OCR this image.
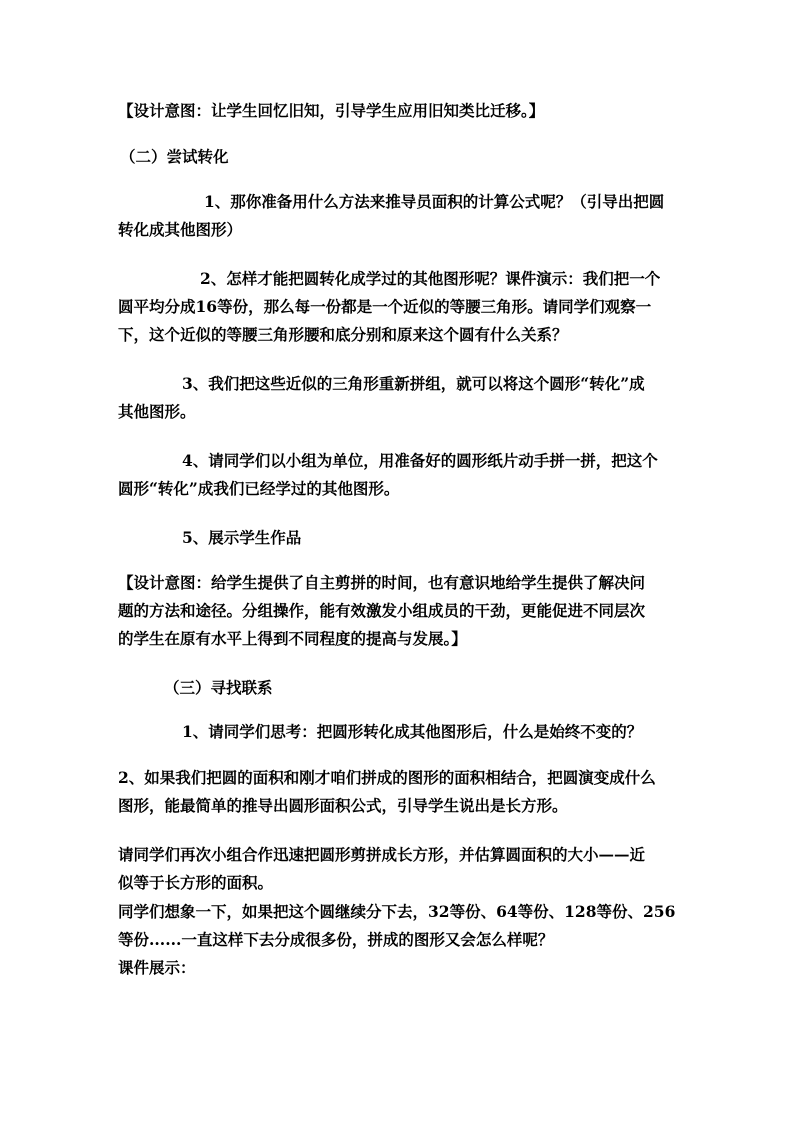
【设计意图：让学生回忆旧知，引导学生应用旧知类比迁移。】

（二）尝试转化

1、那你准备用什么方法来推导员面积的计算公式呢？（引导出把圆
转化成其他图形）

2、怎样才能把圆转化成学过的其他图形呢？课件演示：我们把一个
圆平均分成16等份，那么每一份都是一个近似的等腰三角形。请同学们观察一
下，这个近似的等腰三角形腰和底分别和原来这个圆有什么关系？

3、我们把这些近似的三角形重新拼组，就可以将这个圆形“转化”成
其他图形。

4、请同学们以小组为单位，用准备好的圆形纸片动手拼一拼，把这个
圆形“转化”成我们已经学过的其他图形。

5、展示学生作品

【设计意图：给学生提供了自主剪拼的时间，也有意识地给学生提供了解决问
题的方法和途径。分组操作，能有效激发小组成员的干劲，更能促进不同层次
的学生在原有水平上得到不同程度的提高与发展。】

（三）寻找联系

1、请同学们思考：把圆形转化成其他图形后，什么是始终不变的？

2、如果我们把圆的面积和刚才咱们拼成的图形的面积相结合，把圆演变成什么
图形，能最简单的推导出圆形面积公式，引导学生说出是长方形。

请同学们再次小组合作迅速把圆形剪拼成长方形，并估算圆面积的大小——近
似等于长方形的面积。

同学们想象一下，如果把这个圆继续分下去，32等份、64等份、128等份、256
等份......一直这样下去分成很多份，拼成的图形又会怎么样呢？

课件展示：
